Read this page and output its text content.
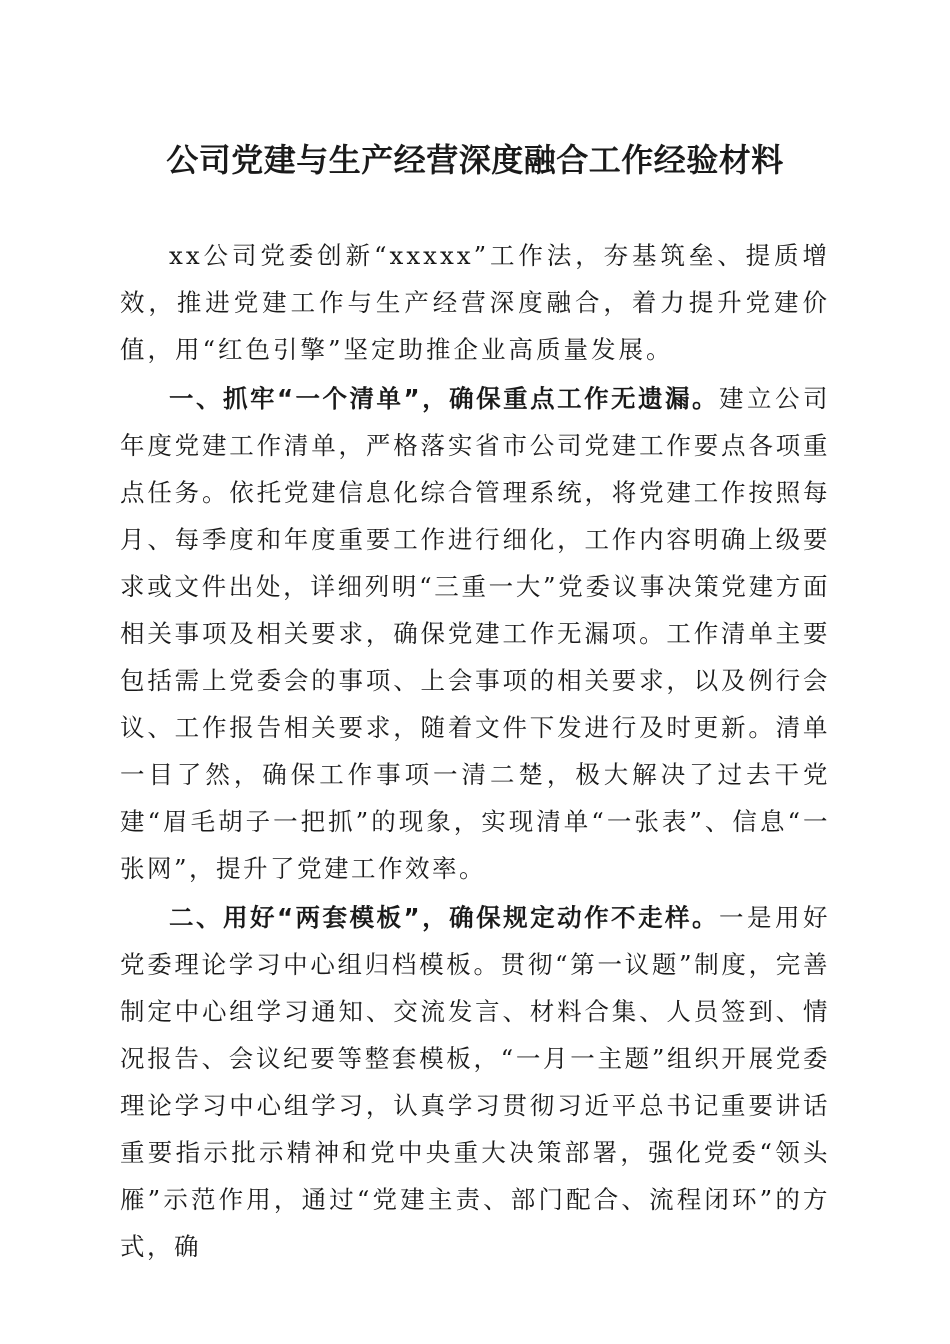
公司党建与生产经营深度融合工作经验材料

xx公司党委创新“xxxxx”工作法，夯基筑垒、提质增效，推进党建工作与生产经营深度融合，着力提升党建价值，用“红色引擎”坚定助推企业高质量发展。

一、抓牢“一个清单”，确保重点工作无遗漏。建立公司年度党建工作清单，严格落实省市公司党建工作要点各项重点任务。依托党建信息化综合管理系统，将党建工作按照每月、每季度和年度重要工作进行细化，工作内容明确上级要求或文件出处，详细列明“三重一大”党委议事决策党建方面相关事项及相关要求，确保党建工作无漏项。工作清单主要包括需上党委会的事项、上会事项的相关要求，以及例行会议、工作报告相关要求，随着文件下发进行及时更新。清单一目了然，确保工作事项一清二楚，极大解决了过去干党建“眉毛胡子一把抓”的现象，实现清单“一张表”、信息“一张网”，提升了党建工作效率。

二、用好“两套模板”，确保规定动作不走样。一是用好党委理论学习中心组归档模板。贯彻“第一议题”制度，完善制定中心组学习通知、交流发言、材料合集、人员签到、情况报告、会议纪要等整套模板，“一月一主题”组织开展党委理论学习中心组学习，认真学习贯彻习近平总书记重要讲话重要指示批示精神和党中央重大决策部署，强化党委“领头雁”示范作用，通过“党建主责、部门配合、流程闭环”的方式，确
